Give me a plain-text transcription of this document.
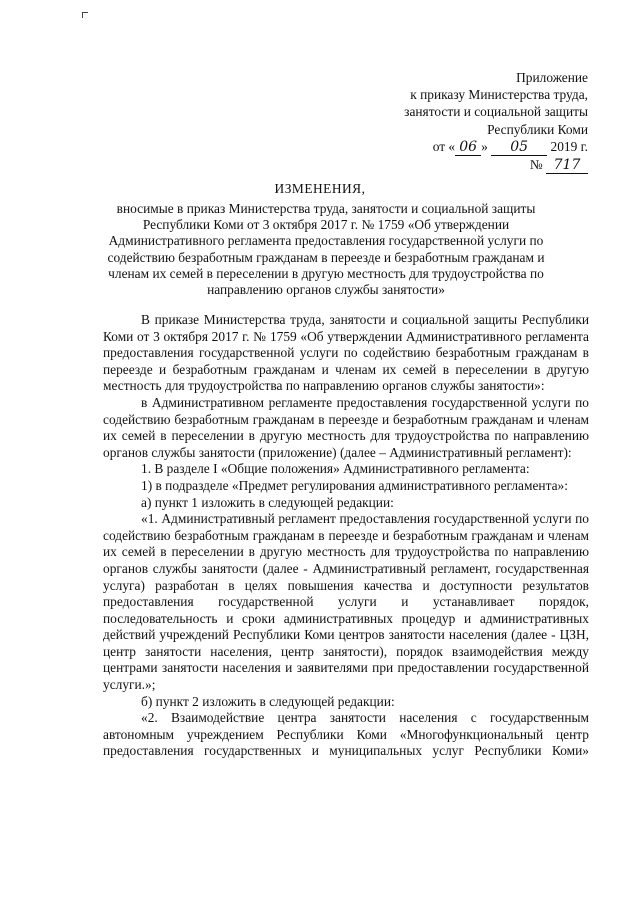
Приложение
к приказу Министерства труда,
занятости и социальной защиты
Республики Коми
от « 06 » 05 2019 г.
№ 717
ИЗМЕНЕНИЯ,
вносимые в приказ Министерства труда, занятости и социальной защиты Республики Коми от 3 октября 2017 г. № 1759 «Об утверждении Административного регламента предоставления государственной услуги по содействию безработным гражданам в переезде и безработным гражданам и членам их семей в переселении в другую местность для трудоустройства по направлению органов службы занятости»

В приказе Министерства труда, занятости и социальной защиты Республики Коми от 3 октября 2017 г. № 1759 «Об утверждении Административного регламента предоставления государственной услуги по содействию безработным гражданам в переезде и безработным гражданам и членам их семей в переселении в другую местность для трудоустройства по направлению органов службы занятости»:

в Административном регламенте предоставления государственной услуги по содействию безработным гражданам в переезде и безработным гражданам и членам их семей в переселении в другую местность для трудоустройства по направлению органов службы занятости (приложение) (далее – Административный регламент):

1. В разделе I «Общие положения» Административного регламента:

1) в подразделе «Предмет регулирования административного регламента»:

а) пункт 1 изложить в следующей редакции:

«1. Административный регламент предоставления государственной услуги по содействию безработным гражданам в переезде и безработным гражданам и членам их семей в переселении в другую местность для трудоустройства по направлению органов службы занятости (далее - Административный регламент, государственная услуга) разработан в целях повышения качества и доступности результатов предоставления государственной услуги и устанавливает порядок, последовательность и сроки административных процедур и административных действий учреждений Республики Коми центров занятости населения (далее - ЦЗН, центр занятости населения, центр занятости), порядок взаимодействия между центрами занятости населения и заявителями при предоставлении государственной услуги.»;

б) пункт 2 изложить в следующей редакции:

«2. Взаимодействие центра занятости населения с государственным автономным учреждением Республики Коми «Многофункциональный центр предоставления государственных и муниципальных услуг Республики Коми»
